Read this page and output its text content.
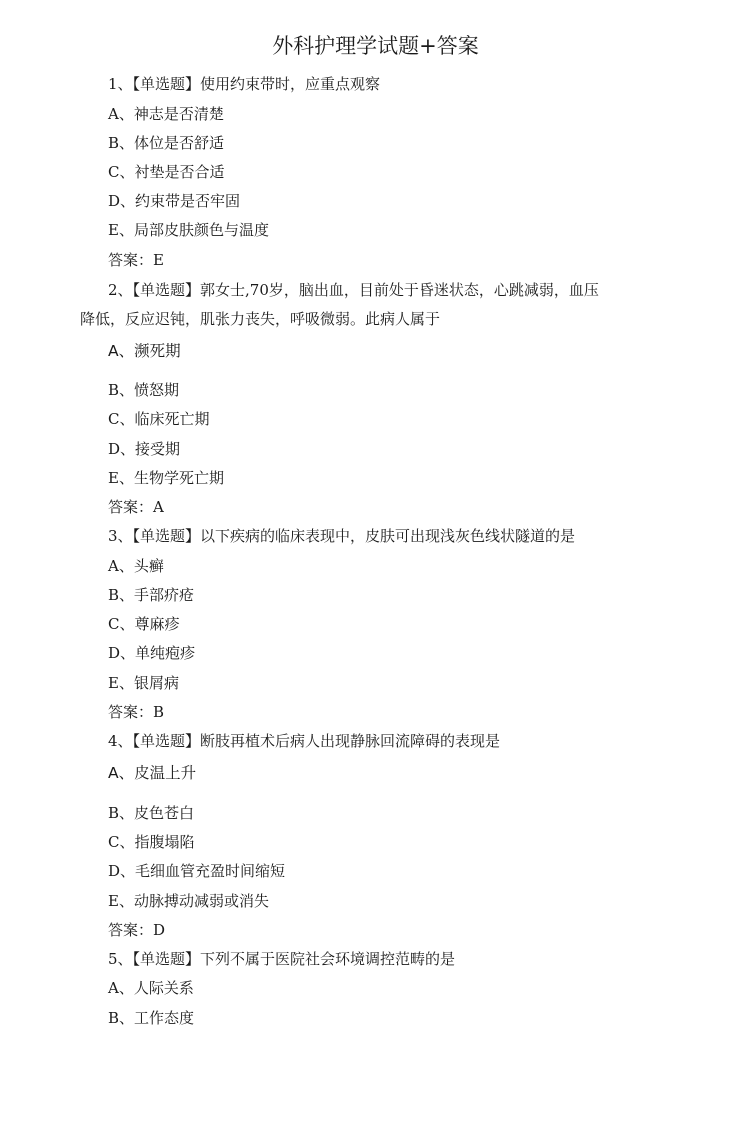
外科护理学试题+答案
1、【单选题】使用约束带时，应重点观察
A、神志是否清楚
B、体位是否舒适
C、衬垫是否合适
D、约束带是否牢固
E、局部皮肤颜色与温度
答案：E
2、【单选题】郭女士,70岁，脑出血，目前处于昏迷状态，心跳减弱，血压
降低，反应迟钝，肌张力丧失，呼吸微弱。此病人属于
A、濒死期
B、愤怒期
C、临床死亡期
D、接受期
E、生物学死亡期
答案：A
3、【单选题】以下疾病的临床表现中，皮肤可出现浅灰色线状隧道的是
A、头癣
B、手部疥疮
C、尊麻疹
D、单纯疱疹
E、银屑病
答案：B
4、【单选题】断肢再植术后病人出现静脉回流障碍的表现是
A、皮温上升
B、皮色苍白
C、指腹塌陷
D、毛细血管充盈时间缩短
E、动脉搏动减弱或消失
答案：D
5、【单选题】下列不属于医院社会环境调控范畴的是
A、人际关系
B、工作态度
